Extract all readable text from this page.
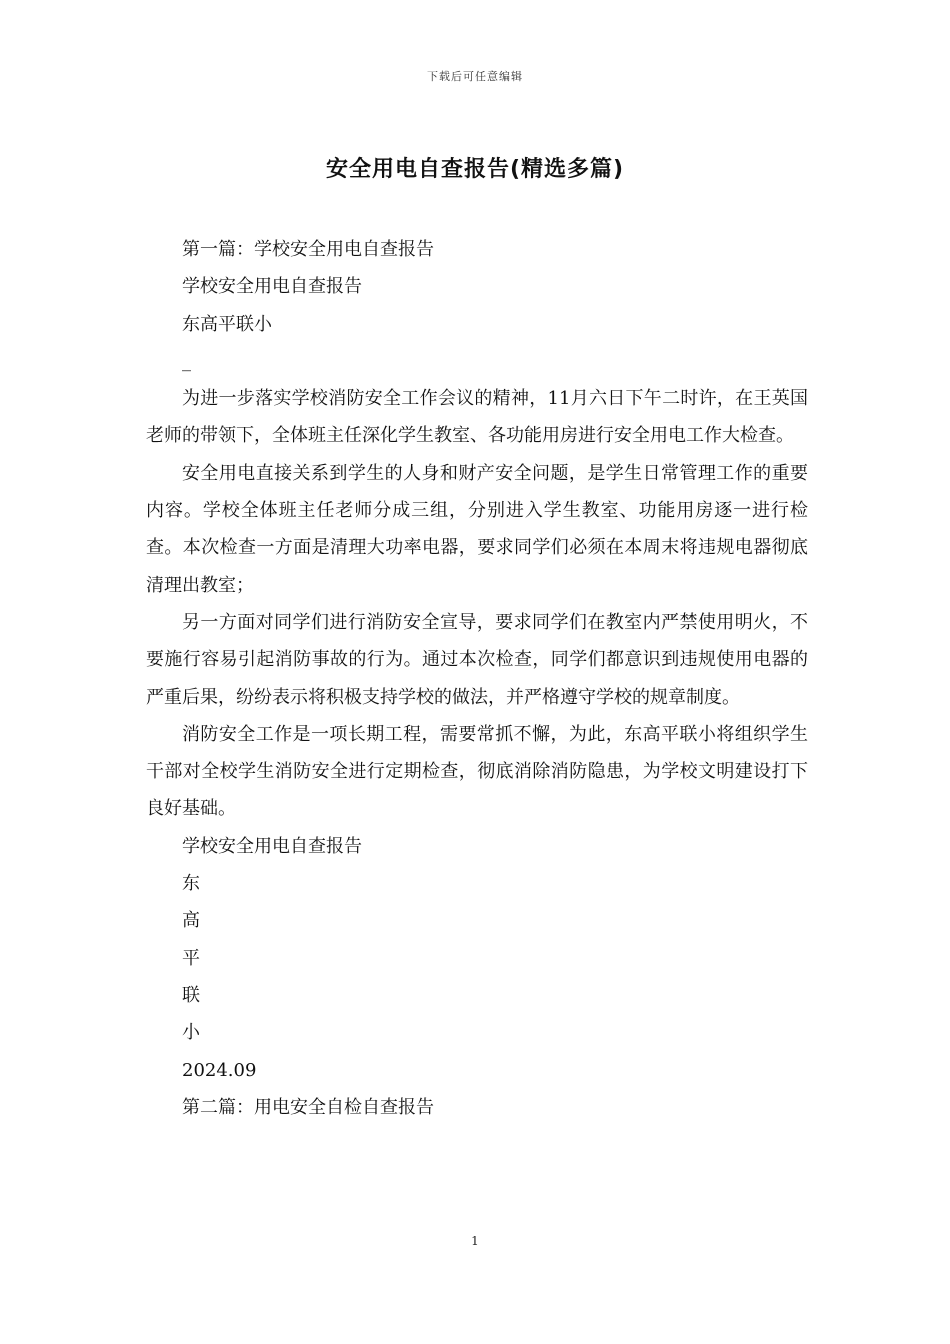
下载后可任意编辑
安全用电自查报告(精选多篇)

第一篇：学校安全用电自查报告

学校安全用电自查报告

东高平联小

_

为进一步落实学校消防安全工作会议的精神，11月六日下午二时许，在王英国老师的带领下，全体班主任深化学生教室、各功能用房进行安全用电工作大检查。

安全用电直接关系到学生的人身和财产安全问题，是学生日常管理工作的重要内容。学校全体班主任老师分成三组，分别进入学生教室、功能用房逐一进行检查。本次检查一方面是清理大功率电器，要求同学们必须在本周末将违规电器彻底清理出教室；

另一方面对同学们进行消防安全宣导，要求同学们在教室内严禁使用明火，不要施行容易引起消防事故的行为。通过本次检查，同学们都意识到违规使用电器的严重后果，纷纷表示将积极支持学校的做法，并严格遵守学校的规章制度。

消防安全工作是一项长期工程，需要常抓不懈，为此，东高平联小将组织学生干部对全校学生消防安全进行定期检查，彻底消除消防隐患，为学校文明建设打下良好基础。

学校安全用电自查报告

东

高

平

联

小

2024.09

第二篇：用电安全自检自查报告

1
